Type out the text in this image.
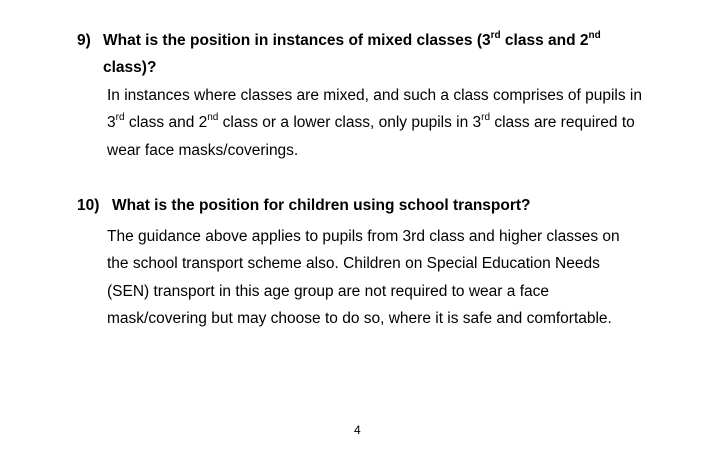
9) What is the position in instances of mixed classes (3rd class and 2nd
class)?
In instances where classes are mixed, and such a class comprises of pupils in
3rd class and 2nd class or a lower class, only pupils in 3rd class are required to
wear face masks/coverings.
10) What is the position for children using school transport?
The guidance above applies to pupils from 3rd class and higher classes on
the school transport scheme also. Children on Special Education Needs
(SEN) transport in this age group are not required to wear a face
mask/covering but may choose to do so, where it is safe and comfortable.
4
